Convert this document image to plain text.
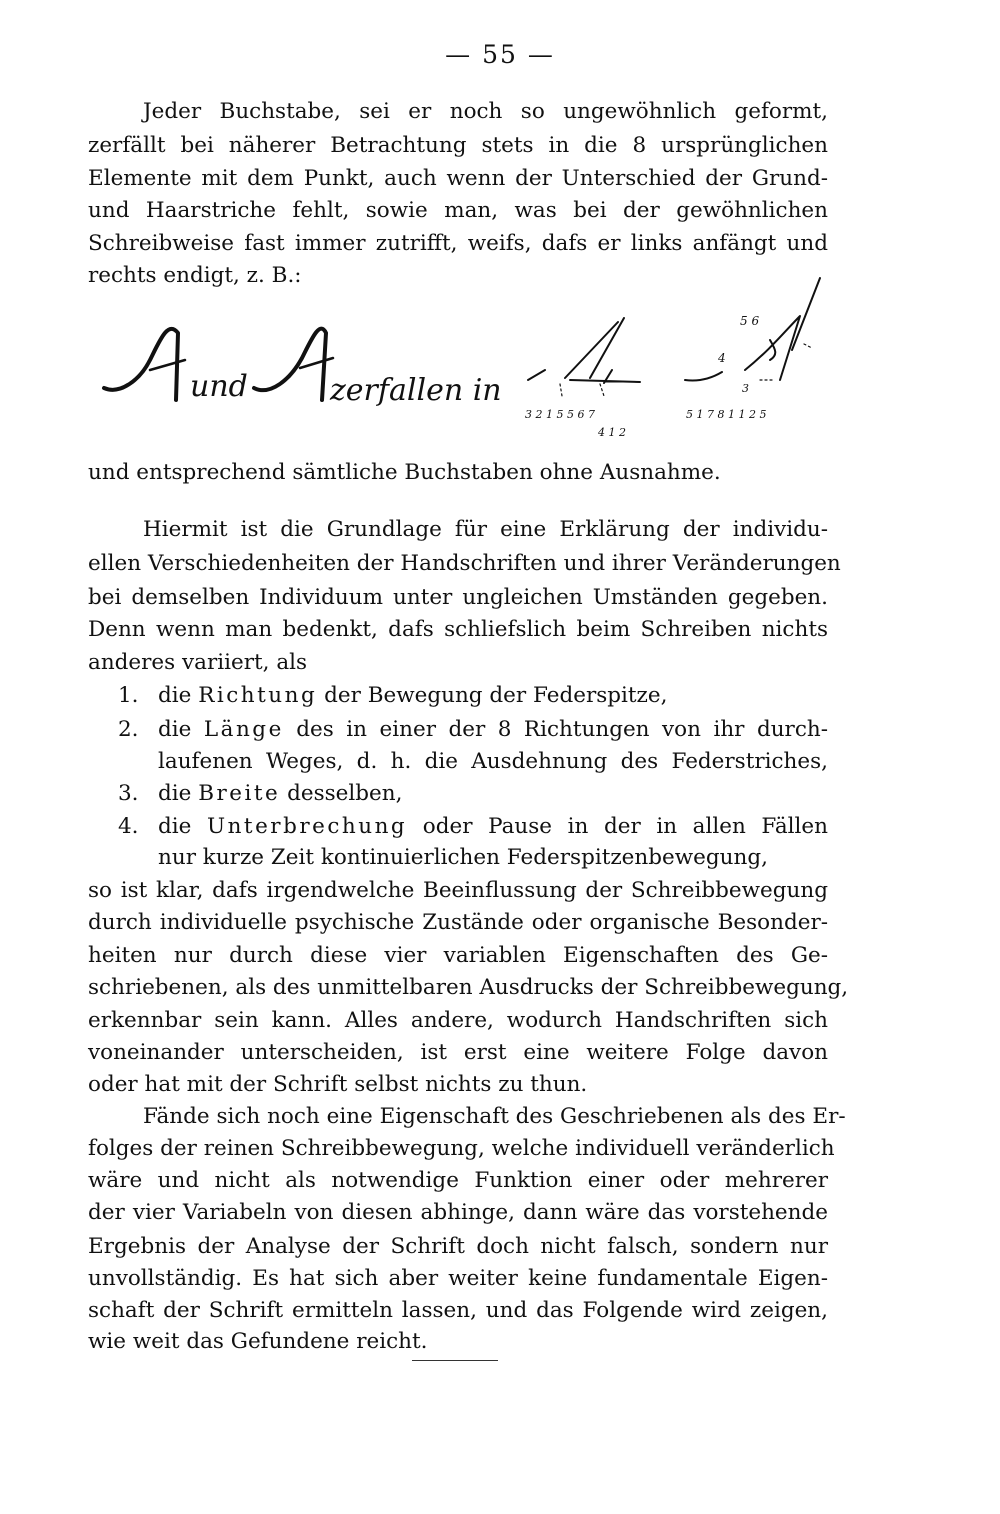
— 55 —

Jeder Buchstabe, sei er noch so ungewöhnlich geformt,

zerfällt bei näherer Betrachtung stets in die 8 ursprünglichen

Elemente mit dem Punkt, auch wenn der Unterschied der Grund-

und Haarstriche fehlt, sowie man, was bei der gewöhnlichen

Schreibweise fast immer zutrifft, weifs, dafs er links anfängt und

rechts endigt, z. B.:

und	zerfallen in
3 2 1 5 5 6 7
4 1 2
5 1 7 8 1 1 2 5
5 6
4
3

und entsprechend sämtliche Buchstaben ohne Ausnahme.

Hiermit ist die Grundlage für eine Erklärung der individu-

ellen Verschiedenheiten der Handschriften und ihrer Veränderungen

bei demselben Individuum unter ungleichen Umständen gegeben.

Denn wenn man bedenkt, dafs schliefslich beim Schreiben nichts

anderes variiert, als

1. die Richtung der Bewegung der Federspitze,

2. die Länge des in einer der 8 Richtungen von ihr durch-

laufenen Weges, d. h. die Ausdehnung des Federstriches,

3. die Breite desselben,

4. die Unterbrechung oder Pause in der in allen Fällen

nur kurze Zeit kontinuierlichen Federspitzenbewegung,

so ist klar, dafs irgendwelche Beeinflussung der Schreibbewegung

durch individuelle psychische Zustände oder organische Besonder-

heiten nur durch diese vier variablen Eigenschaften des Ge-

schriebenen, als des unmittelbaren Ausdrucks der Schreibbewegung,

erkennbar sein kann. Alles andere, wodurch Handschriften sich

voneinander unterscheiden, ist erst eine weitere Folge davon

oder hat mit der Schrift selbst nichts zu thun.

Fände sich noch eine Eigenschaft des Geschriebenen als des Er-

folges der reinen Schreibbewegung, welche individuell veränderlich

wäre und nicht als notwendige Funktion einer oder mehrerer

der vier Variabeln von diesen abhinge, dann wäre das vorstehende

Ergebnis der Analyse der Schrift doch nicht falsch, sondern nur

unvollständig. Es hat sich aber weiter keine fundamentale Eigen-

schaft der Schrift ermitteln lassen, und das Folgende wird zeigen,

wie weit das Gefundene reicht.
